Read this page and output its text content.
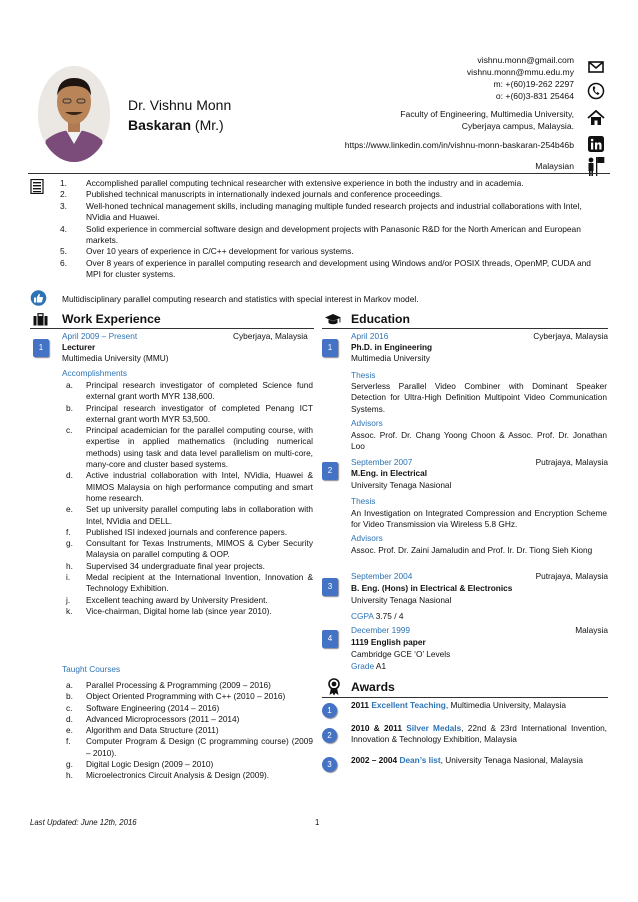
Dr. Vishnu Monn
Baskaran (Mr.)
vishnu.monn@gmail.com
vishnu.monn@mmu.edu.my
m: +(60)19-262 2297
o: +(60)3-831 25464
Faculty of Engineering, Multimedia University,
Cyberjaya campus, Malaysia.
https://www.linkedin.com/in/vishnu-monn-baskaran-254b46b
Malaysian
1. Accomplished parallel computing technical researcher with extensive experience in both the industry and in academia.
2. Published technical manuscripts in internationally indexed journals and conference proceedings.
3. Well-honed technical management skills, including managing multiple funded research projects and industrial collaborations with Intel, NVidia and Huawei.
4. Solid experience in commercial software design and development projects with Panasonic R&D for the North American and European markets.
5. Over 10 years of experience in C/C++ development for various systems.
6. Over 8 years of experience in parallel computing research and development using Windows and/or POSIX threads, OpenMP, CUDA and MPI for cluster systems.
Multidisciplinary parallel computing research and statistics with special interest in Markov model.
Work Experience
1
April 2009 – Present	Cyberjaya, Malaysia
Lecturer
Multimedia University (MMU)
Accomplishments
a. Principal research investigator of completed Science fund external grant worth MYR 138,600.
b. Principal research investigator of completed Penang ICT external grant worth MYR 53,500.
c. Principal academician for the parallel computing course, with expertise in applied mathematics (including numerical methods) using task and data level parallelism on multi-core, many-core and cluster based systems.
d. Active industrial collaboration with Intel, NVidia, Huawei & MIMOS Malaysia on high performance computing and smart home research.
e. Set up university parallel computing labs in collaboration with Intel, NVidia and DELL.
f. Published ISI indexed journals and conference papers.
g. Consultant for Texas Instruments, MIMOS & Cyber Security Malaysia on parallel computing & OOP.
h. Supervised 34 undergraduate final year projects.
i. Medal recipient at the International Invention, Innovation & Technology Exhibition.
j. Excellent teaching award by University President.
k. Vice-chairman, Digital home lab (since year 2010).
Taught Courses
a. Parallel Processing & Programming (2009 – 2016)
b. Object Oriented Programming with C++ (2010 – 2016)
c. Software Engineering (2014 – 2016)
d. Advanced Microprocessors (2011 – 2014)
e. Algorithm and Data Structure (2011)
f. Computer Program & Design (C programming course) (2009 – 2010).
g. Digital Logic Design (2009 – 2010)
h. Microelectronics Circuit Analysis & Design (2009).
Education
1
April 2016	Cyberjaya, Malaysia
Ph.D. in Engineering
Multimedia University
Thesis
Serverless Parallel Video Combiner with Dominant Speaker Detection for Ultra-High Definition Multipoint Video Communication Systems.
Advisors
Assoc. Prof. Dr. Chang Yoong Choon & Assoc. Prof. Dr. Jonathan Loo
2
September 2007	Putrajaya, Malaysia
M.Eng. in Electrical
University Tenaga Nasional
Thesis
An Investigation on Integrated Compression and Encryption Scheme for Video Transmission via Wireless 5.8 GHz.
Advisors
Assoc. Prof. Dr. Zaini Jamaludin and Prof. Ir. Dr. Tiong Sieh Kiong
3
September 2004	Putrajaya, Malaysia
B. Eng. (Hons) in Electrical & Electronics
University Tenaga Nasional
CGPA 3.75 / 4
4
December 1999	Malaysia
1119 English paper
Cambridge GCE ‘O’ Levels
Grade A1
Awards
1
2011 Excellent Teaching, Multimedia University, Malaysia
2
2010 & 2011 Silver Medals, 22nd & 23rd International Invention, Innovation & Technology Exhibition, Malaysia
3	2002 – 2004 Dean’s list, University Tenaga Nasional, Malaysia
Last Updated: June 12th, 2016	1
